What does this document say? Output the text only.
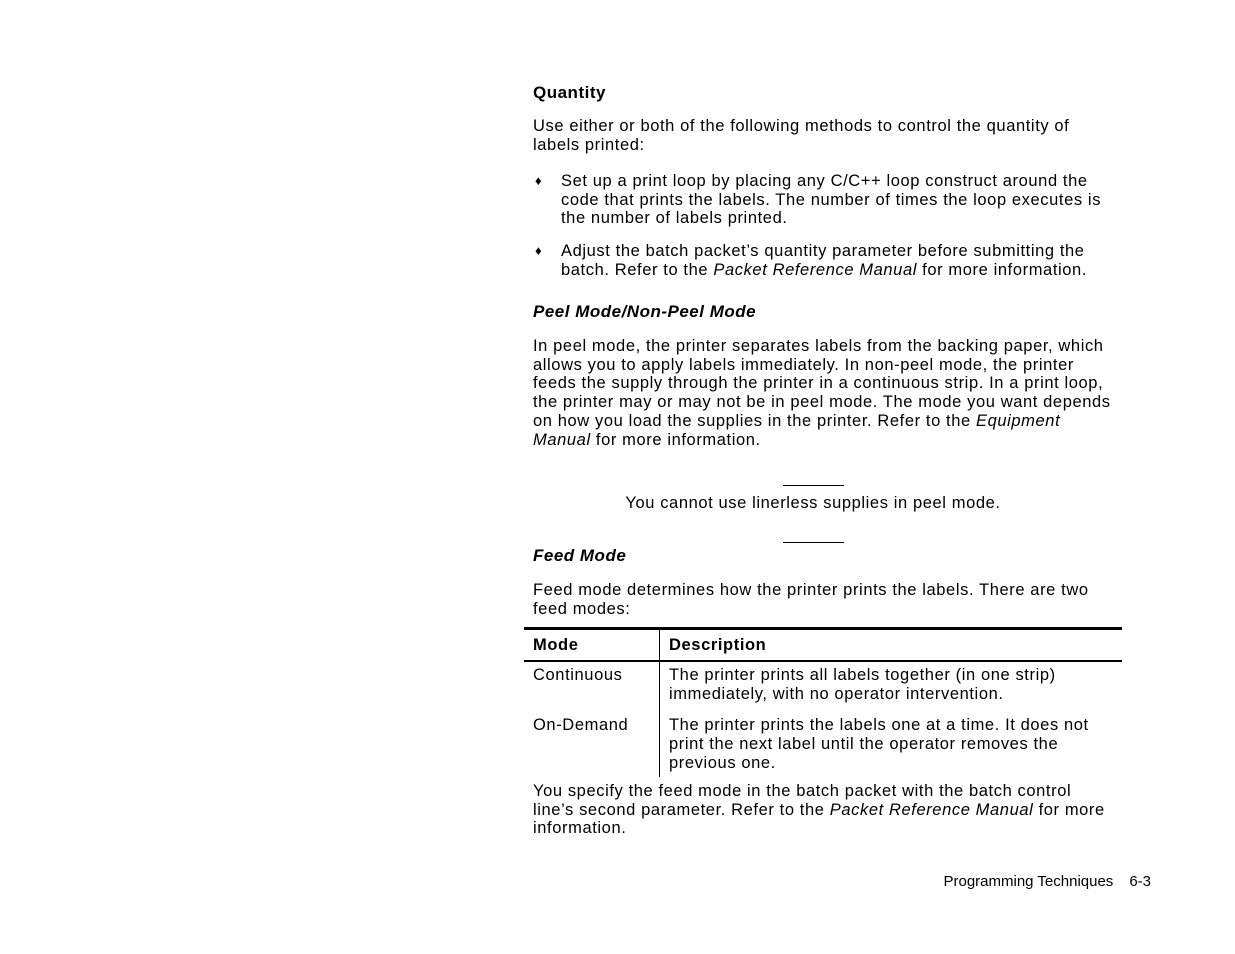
Quantity

Use either or both of the following methods to control the quantity of labels printed:

♦ Set up a print loop by placing any C/C++ loop construct around the code that prints the labels. The number of times the loop executes is the number of labels printed.
♦ Adjust the batch packet’s quantity parameter before submitting the batch. Refer to the Packet Reference Manual for more information.
Peel Mode/Non-Peel Mode

In peel mode, the printer separates labels from the backing paper, which allows you to apply labels immediately. In non-peel mode, the printer feeds the supply through the printer in a continuous strip. In a print loop, the printer may or may not be in peel mode. The mode you want depends on how you load the supplies in the printer. Refer to the Equipment Manual for more information.

You cannot use linerless supplies in peel mode.

Feed Mode

Feed mode determines how the printer prints the labels. There are two feed modes:

Mode	Description
Continuous	The printer prints all labels together (in one strip) immediately, with no operator intervention.
On-Demand	The printer prints the labels one at a time. It does not print the next label until the operator removes the previous one.

You specify the feed mode in the batch packet with the batch control line’s second parameter. Refer to the Packet Reference Manual for more information.

Programming Techniques 6-3
